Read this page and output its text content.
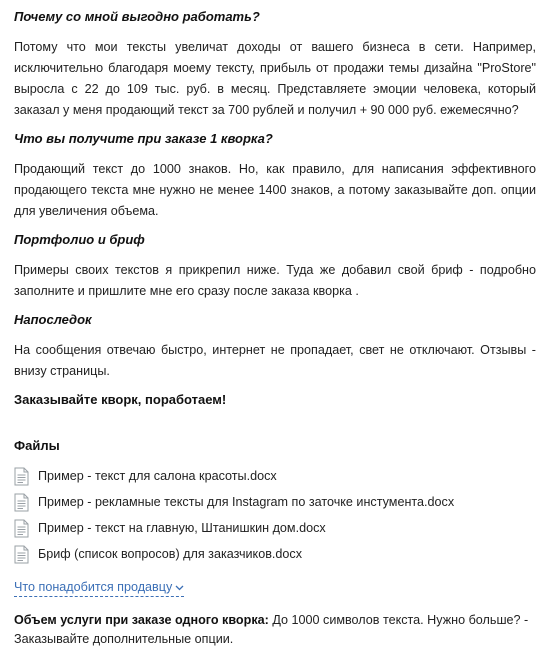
Почему со мной выгодно работать?

Потому что мои тексты увеличат доходы от вашего бизнеса в сети. Например, исключительно благодаря моему тексту, прибыль от продажи темы дизайна "ProStore" выросла с 22 до 109 тыс. руб. в месяц. Представляете эмоции человека, который заказал у меня продающий текст за 700 рублей и получил + 90 000 руб. ежемесячно?

Что вы получите при заказе 1 кворка?

Продающий текст до 1000 знаков. Но, как правило, для написания эффективного продающего текста мне нужно не менее 1400 знаков, а потому заказывайте доп. опции для увеличения объема.

Портфолио и бриф

Примеры своих текстов я прикрепил ниже. Туда же добавил свой бриф - подробно заполните и пришлите мне его сразу после заказа кворка .

Напоследок

На сообщения отвечаю быстро, интернет не пропадает, свет не отключают. Отзывы - внизу страницы.

Заказывайте кворк, поработаем!
Файлы
Пример - текст для салона красоты.docx
Пример - рекламные тексты для Instagram по заточке инстумента.docx
Пример - текст на главную, Штанишкин дом.docx
Бриф (список вопросов) для заказчиков.docx
Что понадобится продавцу

Объем услуги при заказе одного кворка: До 1000 символов текста. Нужно больше? - Заказывайте дополнительные опции.
